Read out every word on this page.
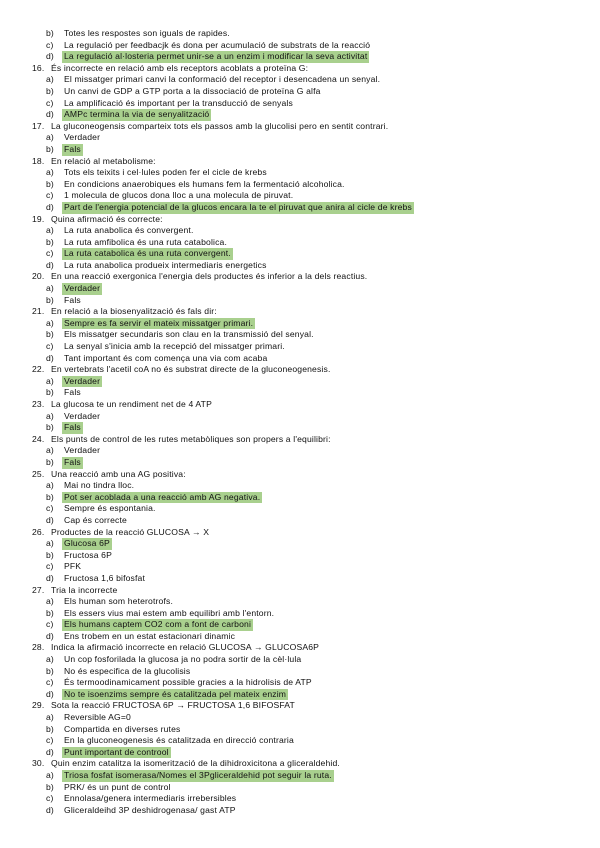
b)	Totes les respostes son iguals de rapides.
c)	La regulació per feedbacjk és dona per acumulació de substrats de la reacció
d)	La regulació al·losteria permet unir-se a un enzim i modificar la seva activitat
16. És incorrecte en relació amb els receptors acoblats a proteïna G:
a)	El missatger primari canvi la conformació del receptor i desencadena un senyal.
b)	Un canvi de GDP a GTP porta a la dissociació de proteïna G alfa
c)	La amplificació és important per la transducció de senyals
d)	AMPc termina la via de senyalització
17. La gluconeogensis comparteix tots els passos amb la glucolisi pero en sentit contrari.
a)	Verdader
b)	Fals
18. En relació al metabolisme:
a)	Tots els teixits i cel·lules poden fer el cicle de krebs
b)	En condicions anaerobiques els humans fem la fermentació alcoholica.
c)	1 molecula de glucos dona lloc a una molecula de piruvat.
d)	Part de l'energia potencial de la glucos encara la te el piruvat que anira al cicle de krebs
19. Quina afirmació és correcte:
a)	La ruta anabolica és convergent.
b)	La ruta amfibolica és una ruta catabolica.
c)	La ruta catabolica és una ruta convergent.
d)	La ruta anabolica produeix intermediaris energetics
20. En una reacció exergonica l'energia dels productes és inferior a la dels reactius.
a)	Verdader
b)	Fals
21. En relació a la biosenyalització és fals dir:
a)	Sempre es fa servir el mateix missatger primari.
b)	Els missatger secundaris son clau en la transmissió del senyal.
c)	La senyal s'inicia amb la recepció del missatger primari.
d)	Tant important és com comença una via com acaba
22. En vertebrats l'acetil coA no és substrat directe de la gluconeogenesis.
a)	Verdader
b)	Fals
23. La glucosa te un rendiment net de 4 ATP
a)	Verdader
b)	Fals
24. Els punts de control de les rutes metabòliques son propers a l'equilibri:
a)	Verdader
b)	Fals
25. Una reacció amb una AG positiva:
a)	Mai no tindra lloc.
b)	Pot ser acoblada a una reacció amb AG negativa.
c)	Sempre és espontania.
d)	Cap és correcte
26. Productes de la reacció GLUCOSA → X
a)	Glucosa 6P
b)	Fructosa 6P
c)	PFK
d)	Fructosa 1,6 bifosfat
27. Tria la incorrecte
a)	Els human som heterotrofs.
b)	Els essers vius mai estem amb equilibri amb l'entorn.
c)	Els humans captem CO2 com a font de carboni
d)	Ens trobem en un estat estacionari dinamic
28. Indica la afirmació incorrecte en relació GLUCOSA → GLUCOSA6P
a)	Un cop fosforilada la glucosa ja no podra sortir de la cèl·lula
b)	No és especifica de la glucolisis
c)	És termoodinamicament possible gracies a la hidrolisis de ATP
d)	No te isoenzims sempre és catalitzada pel mateix enzim
29. Sota la reacció FRUCTOSA 6P → FRUCTOSA 1,6 BIFOSFAT
a)	Reversible AG=0
b)	Compartida en diverses rutes
c)	En la gluconeogenesis és catalitzada en direcció contraria
d)	Punt important de controol
30. Quin enzim catalitza la isomerització de la dihidroxicitona a gliceraldehid.
a)	Triosa fosfat isomerasa/Nomes el 3Pgliceraldehid pot seguir la ruta.
b)	PRK/ és un punt de control
c)	Ennolasa/genera intermediaris irrebersibles
d)	Gliceraldeihd 3P deshidrogenasa/ gast ATP
